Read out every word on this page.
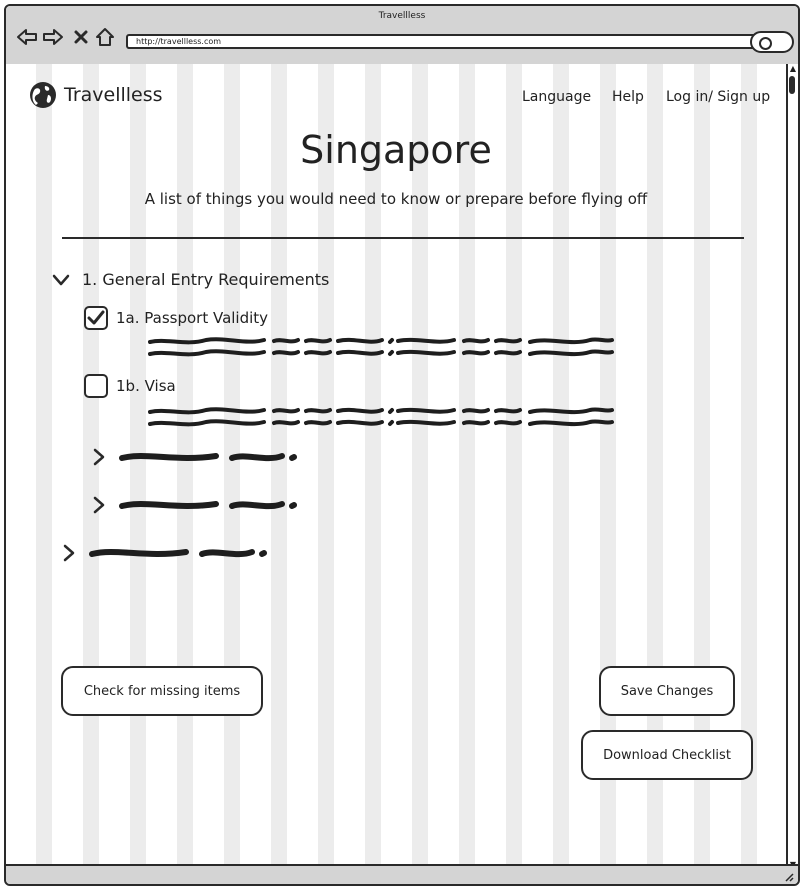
Travellless
http://travellless.com
Travellless	Language Help Log in/ Sign up
Singapore
A list of things you would need to know or prepare before flying off
1. General Entry Requirements
1a. Passport Validity
1b. Visa
Check for missing items	Save Changes
Download Checklist
▲
